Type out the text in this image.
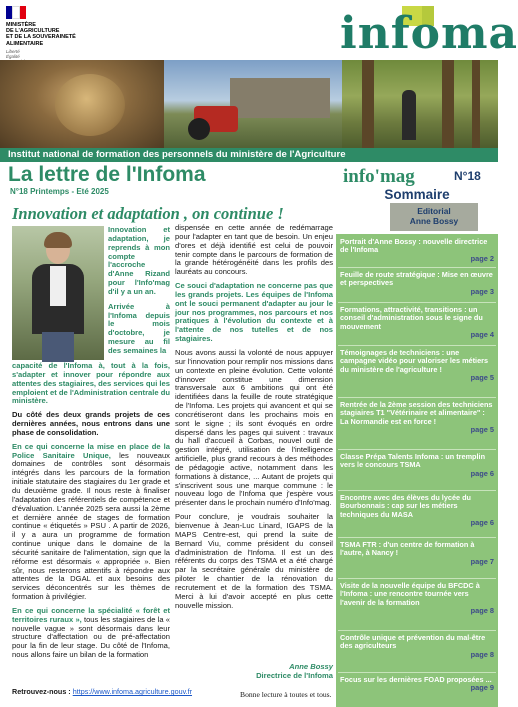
MINISTÈRE
DE L'AGRICULTURE
ET DE LA SOUVERAINETÉ
ALIMENTAIRE
Liberté
Égalité	infoma
Institut national de formation des personnels du ministère de l'Agriculture
La lettre de l'Infoma
N°18 Printemps - Eté 2025
Innovation et adaptation , on continue !
Innovation et adaptation, je reprends à mon compte l'accroche d'Anne Rizand pour l'Info'mag d'il y a un an.
Arrivée à l'Infoma depuis le mois d'octobre, je mesure au fil des semaines la

capacité de l'Infoma à, tout à la fois, s'adapter et innover pour répondre aux attentes des stagiaires, des services qui les emploient et de l'Administration centrale du ministère.

Du côté des deux grands projets de ces dernières années, nous entrons dans une phase de consolidation.

En ce qui concerne la mise en place de la Police Sanitaire Unique, les nouveaux domaines de contrôles sont désormais intégrés dans les parcours de la formation initiale statutaire des stagiaires du 1er grade et du deuxième grade. Il nous reste à finaliser l'adaptation des référentiels de compétence et d'évaluation. L'année 2025 sera aussi la 2ème et dernière année de stages de formation continue « étiquetés » PSU . A partir de 2026, il y a aura un programme de formation continue unique dans le domaine de la sécurité sanitaire de l'alimentation, sign que la réforme est désormais « appropriée ». Bien sûr, nous resterons attentifs à répondre aux attentes de la DGAL et aux besoins des services déconcentrés sur les thèmes de formation à privilégier.

En ce qui concerne la spécialité « forêt et territoires ruraux », tous les stagiaires de la « nouvelle vague » sont désormais dans leur structure d'affectation ou de pré-affectation pour la fin de leur stage. Du côté de l'Infoma, nous allons faire un bilan de la formation

dispensée en cette année de redémarrage pour l'adapter en tant que de besoin. Un enjeu d'ores et déjà identifié est celui de pouvoir tenir compte dans le parcours de formation de la grande hétérogénéité dans les profils des lauréats au concours.

Ce souci d'adaptation ne concerne pas que les grands projets. Les équipes de l'Infoma ont le souci permanent d'adapter au jour le jour nos programmes, nos parcours et nos pratiques à l'évolution du contexte et à l'attente de nos tutelles et de nos stagiaires.

Nous avons aussi la volonté de nous appuyer sur l'innovation pour remplir nos missions dans un contexte en pleine évolution. Cette volonté d'innover constitue une dimension transversale aux 6 ambitions qui ont été identifiées dans la feuille de route stratégique de l'Infoma. Les projets qui avancent et qui se concrétiseront dans les prochains mois en sont le signe ; ils sont évoqués en ordre dispersé dans les pages qui suivent : travaux du hall d'accueil à Corbas, nouvel outil de gestion intégré, utilisation de l'intelligence artificielle, plus grand recours à des méthodes de pédagogie active, notamment dans les formations à distance, ... Autant de projets qui s'inscrivent sous une marque commune : le nouveau logo de l'Infoma que j'espère vous présenter dans le prochain numéro d'Info'mag.

Pour conclure, je voudrais souhaiter la bienvenue à Jean-Luc Linard, IGAPS de la MAPS Centre-est, qui prend la suite de Bernard Viu, comme président du conseil d'administration de l'Infoma. Il est un des référents du corps des TSMA et a été chargé par la secrétaire générale du ministère de piloter le chantier de la rénovation du recrutement et de la formation des TSMA. Merci à lui d'avoir accepté en plus cette nouvelle mission.

Anne Bossy
Directrice de l'Infoma
Retrouvez-nous : https://www.infoma.agriculture.gouv.fr	Bonne lecture à toutes et tous.
info'mag	N°18
Sommaire
Editorial
Anne Bossy
Portrait d'Anne Bossy : nouvelle directrice de l'Infoma
page 2
Feuille de route stratégique : Mise en œuvre et perspectives
page 3
Formations, attractivité, transitions : un conseil d'administration sous le signe du mouvement
page 4
Témoignages de techniciens : une campagne vidéo pour valoriser les métiers du ministère de l'agriculture !
page 5
Rentrée de la 2ème session des techniciens stagiaires T1 "Vétérinaire et alimentaire" : La Normandie est en force !
page 5
Classe Prépa Talents Infoma : un tremplin vers le concours TSMA
page 6
Encontre avec des élèves du lycée du Bourbonnais : cap sur les métiers techniques du MASA
page 6
TSMA FTR : d'un centre de formation à l'autre, à Nancy !
page 7
Visite de la nouvelle équipe du BFCDC à l'Infoma : une rencontre tournée vers l'avenir de la formation
page 8
Contrôle unique et prévention du mal-être des agriculteurs
page 8
Focus sur les dernières FOAD proposées ...
page 9
